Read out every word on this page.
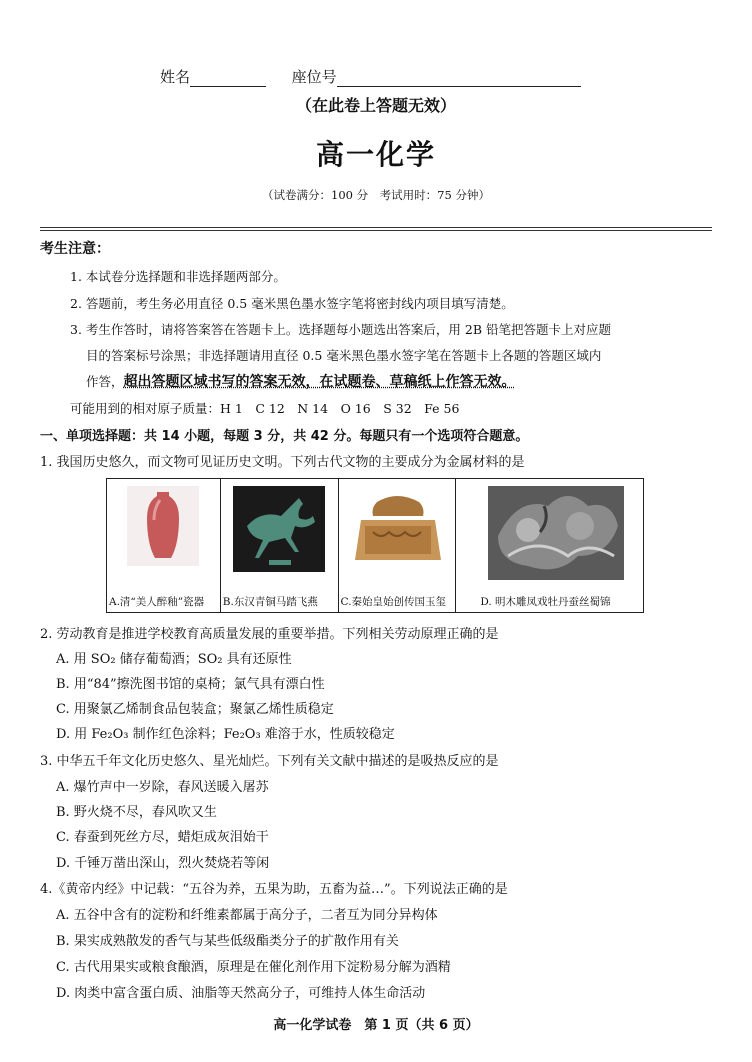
姓名	座位号
（在此卷上答题无效）
高一化学
（试卷满分：100 分　考试用时：75 分钟）
考生注意：
1. 本试卷分选择题和非选择题两部分。
2. 答题前，考生务必用直径 0.5 毫米黑色墨水签字笔将密封线内项目填写清楚。
3. 考生作答时，请将答案答在答题卡上。选择题每小题选出答案后，用 2B 铅笔把答题卡上对应题
目的答案标号涂黑；非选择题请用直径 0.5 毫米黑色墨水签字笔在答题卡上各题的答题区域内
作答，超出答题区域书写的答案无效，在试题卷、草稿纸上作答无效。
可能用到的相对原子质量：H 1　C 12　N 14　O 16　S 32　Fe 56
一、单项选择题：共 14 小题，每题 3 分，共 42 分。每题只有一个选项符合题意。
1. 我国历史悠久，而文物可见证历史文明。下列古代文物的主要成分为金属材料的是
A.清“美人醉釉”瓷器	B.东汉青铜马踏飞燕	C.秦始皇始创传国玉玺	D. 明木雕凤戏牡丹蚕丝蜀锦
2. 劳动教育是推进学校教育高质量发展的重要举措。下列相关劳动原理正确的是
A. 用 SO₂ 储存葡萄酒；SO₂ 具有还原性
B. 用“84”擦洗图书馆的桌椅；氯气具有漂白性
C. 用聚氯乙烯制食品包装盒；聚氯乙烯性质稳定
D. 用 Fe₂O₃ 制作红色涂料；Fe₂O₃ 难溶于水，性质较稳定
3. 中华五千年文化历史悠久、星光灿烂。下列有关文献中描述的是吸热反应的是
A. 爆竹声中一岁除，春风送暖入屠苏
B. 野火烧不尽，春风吹又生
C. 春蚕到死丝方尽，蜡炬成灰泪始干
D. 千锤万凿出深山，烈火焚烧若等闲
4.《黄帝内经》中记载：“五谷为养，五果为助，五畜为益…”。下列说法正确的是
A. 五谷中含有的淀粉和纤维素都属于高分子，二者互为同分异构体
B. 果实成熟散发的香气与某些低级酯类分子的扩散作用有关
C. 古代用果实或粮食酿酒，原理是在催化剂作用下淀粉易分解为酒精
D. 肉类中富含蛋白质、油脂等天然高分子，可维持人体生命活动
高一化学试卷　第 1 页（共 6 页）
